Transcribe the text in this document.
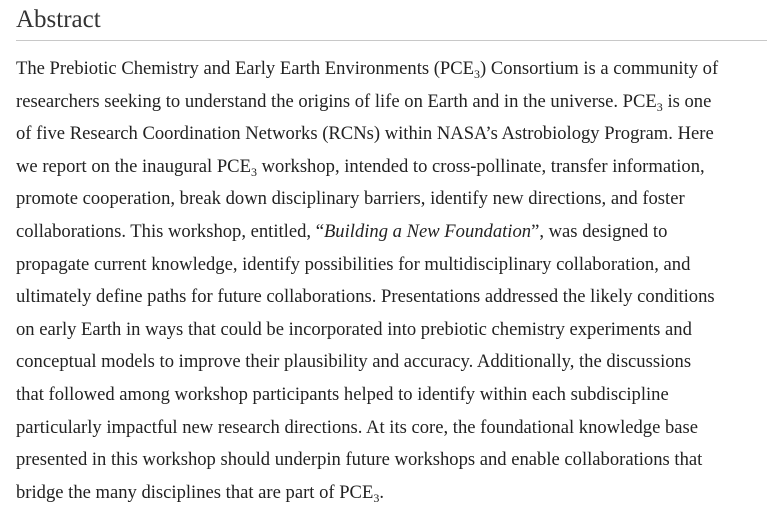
Abstract

The Prebiotic Chemistry and Early Earth Environments $(PCE_3)$ Consortium is a community of
researchers seeking to understand the origins of life on Earth and in the universe. $PCE_3$ is one
of five Research Coordination Networks (RCNs) within NASA’s Astrobiology Program. Here
we report on the inaugural $PCE_3$ workshop, intended to cross-pollinate, transfer information,
promote cooperation, break down disciplinary barriers, identify new directions, and foster
collaborations. This workshop, entitled, “Building a New Foundation”, was designed to
propagate current knowledge, identify possibilities for multidisciplinary collaboration, and
ultimately define paths for future collaborations. Presentations addressed the likely conditions
on early Earth in ways that could be incorporated into prebiotic chemistry experiments and
conceptual models to improve their plausibility and accuracy. Additionally, the discussions
that followed among workshop participants helped to identify within each subdiscipline
particularly impactful new research directions. At its core, the foundational knowledge base
presented in this workshop should underpin future workshops and enable collaborations that
bridge the many disciplines that are part of $PCE_3$.
